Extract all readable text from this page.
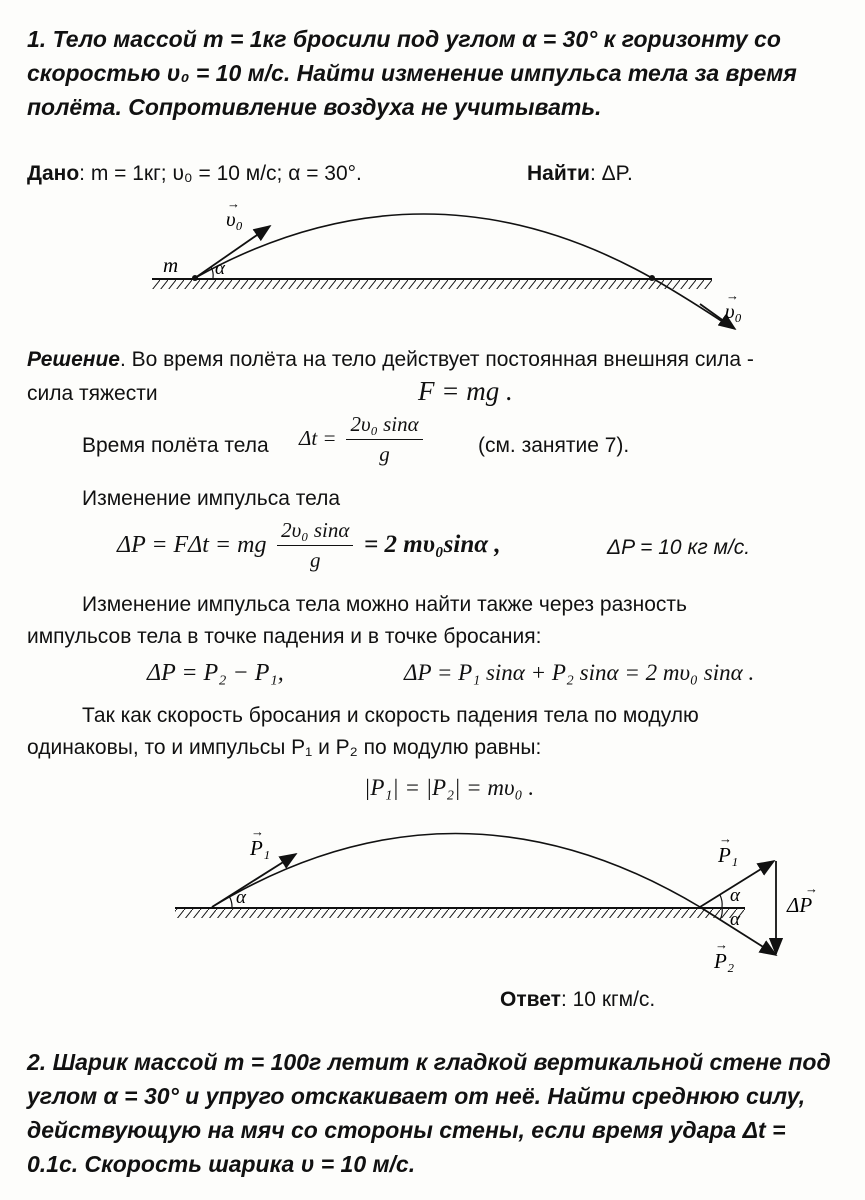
1. Тело массой m = 1кг бросили под углом α = 30° к горизонту со скоростью υ₀ = 10 м/с. Найти изменение импульса тела за время полёта. Сопротивление воздуха не учитывать.
Дано: m = 1кг; υ₀ = 10 м/с; α = 30°.	Найти: ΔP.
m α
υ₀
→
υ₀
→
Решение. Во время полёта на тело действует постоянная внешняя сила -
сила тяжести	F = mg .
Время полёта тела $\Delta t = \frac{\text{2υ₀ sinα}}{g}$	(см. занятие 7).
Изменение импульса тела
ΔP = FΔt = mg $\frac{\text{2υ₀ sinα}}{g} = 2$ mυ₀sinα ,	ΔP = 10 кг м/с.
Изменение импульса тела можно найти также через разность
импульсов тела в точке падения и в точке бросания:
ΔP = P₂ − P₁,	ΔP = P₁ sinα + P₂ sinα = 2 mυ₀ sinα .
Так как скорость бросания и скорость падения тела по модулю
одинаковы, то и импульсы P₁ и P₂ по модулю равны:
|P₁| = |P₂| = mυ₀ .
P₁
→
α
P₁
→
α
α
P₂
→
ΔP
→
Ответ: 10 кгм/с.
2. Шарик массой m = 100г летит к гладкой вертикальной стене под углом α = 30° и упруго отскакивает от неё. Найти среднюю силу, действующую на мяч со стороны стены, если время удара Δt = 0.1с. Скорость шарика υ = 10 м/с.
